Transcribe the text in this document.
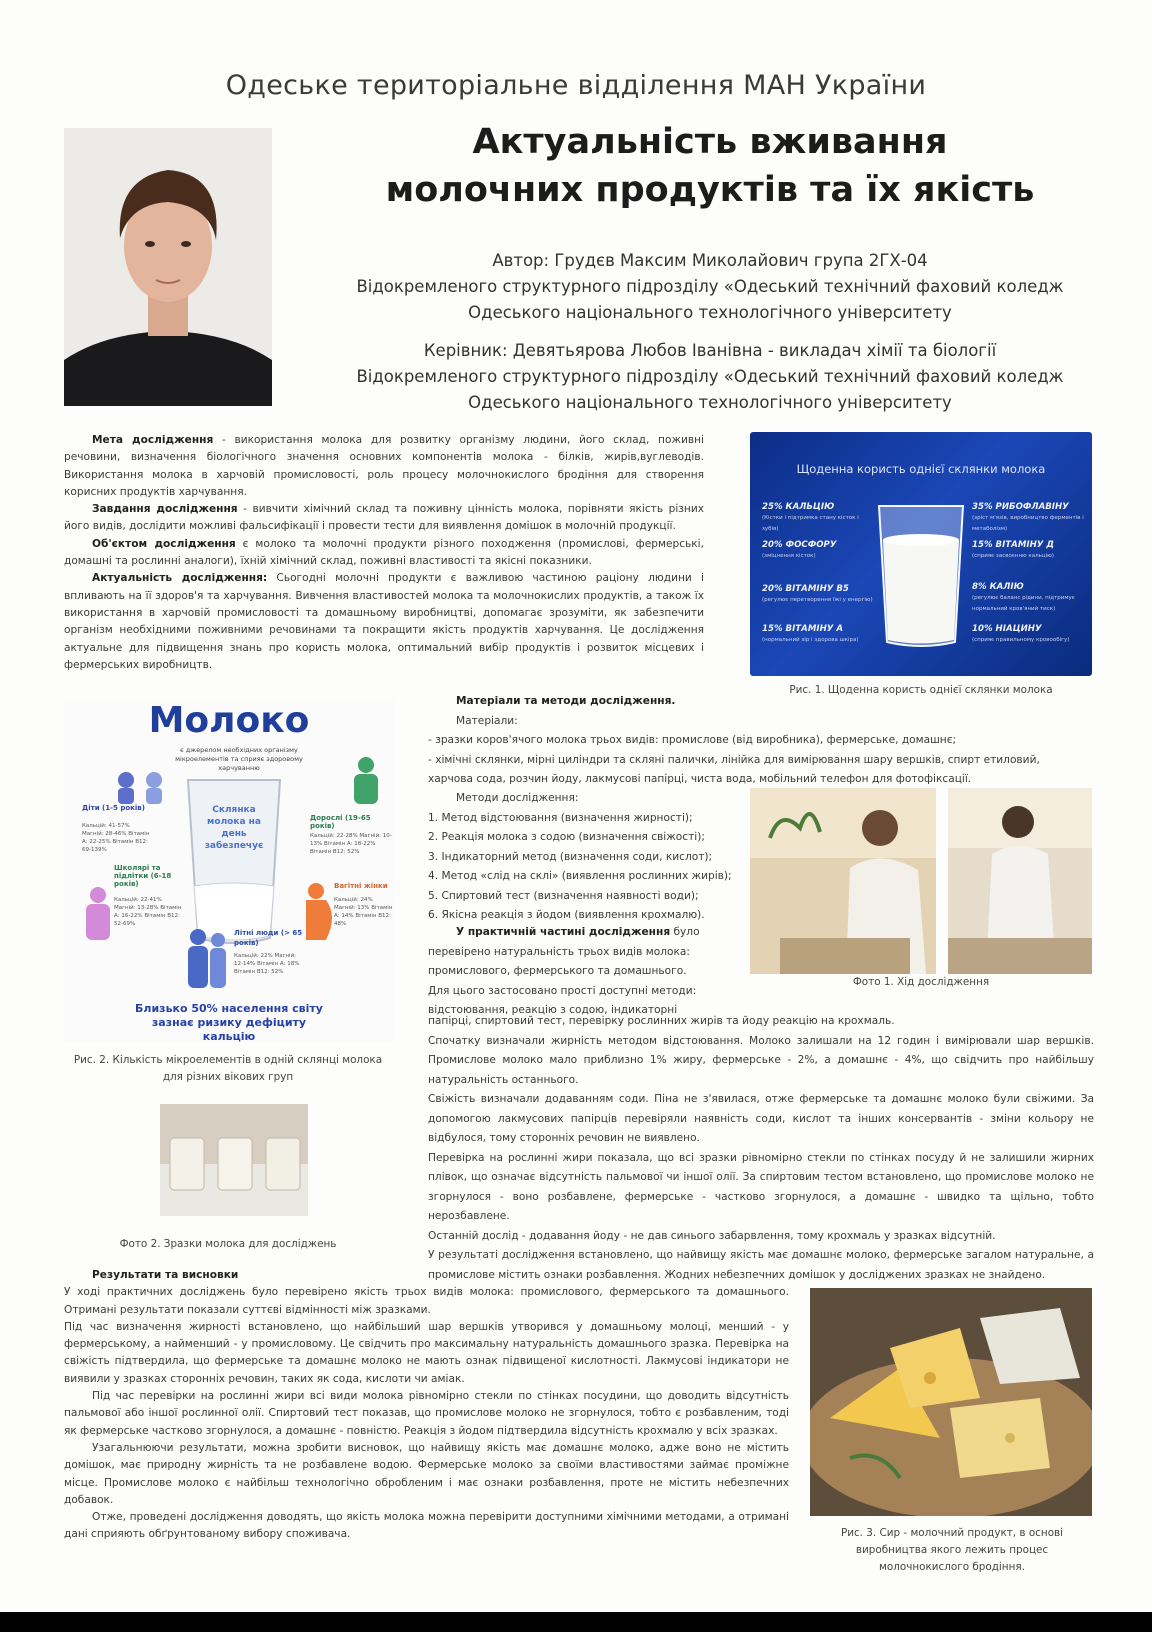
Одеське територіальне відділення МАН України
Актуальність вживання
молочних продуктів та їх якість
Автор: Грудєв Максим Миколайович група 2ГХ-04
Відокремленого структурного підрозділу «Одеський технічний фаховий коледж
Одеського національного технологічного університету
Керівник: Девятьярова Любов Іванівна - викладач хімії та біології
Відокремленого структурного підрозділу «Одеський технічний фаховий коледж
Одеського національного технологічного університету

Мета дослідження - використання молока для розвитку організму людини, його склад, поживні речовини, визначення біологічного значення основних компонентів молока - білків, жирів,вуглеводів. Використання молока в харчовій промисловості, роль процесу молочнокислого бродіння для створення корисних продуктів харчування.

Завдання дослідження - вивчити хімічний склад та поживну цінність молока, порівняти якість різних його видів, дослідити можливі фальсифікації і провести тести для виявлення домішок в молочній продукції.

Об'єктом дослідження є молоко та молочні продукти різного походження (промислові, фермерські, домашні та рослинні аналоги), їхній хімічний склад, поживні властивості та якісні показники.

Актуальність дослідження: Сьогодні молочні продукти є важливою частиною раціону людини і впливають на її здоров'я та харчування. Вивчення властивостей молока та молочнокислих продуктів, а також їх використання в харчовій промисловості та домашньому виробництві, допомагає зрозуміти, як забезпечити організм необхідними поживними речовинами та покращити якість продуктів харчування. Це дослідження актуальне для підвищення знань про користь молока, оптимальний вибір продуктів і розвиток місцевих і фермерських виробництв.

Щоденна користь однієї склянки молока
25% КАЛЬЦІЮ
(Кістки і підтримка стану кісток і зубів)
20% ФОСФОРУ
(зміцнення кісток)
20% ВІТАМІНУ В5
(регулює перетворення їжі у енергію)
15% ВІТАМІНУ А
(нормальний зір і здорова шкіра)
35% РИБОФЛАВІНУ
(зріст м'язів, виробництво ферментів і метаболізм)
15% ВІТАМІНУ Д
(сприяє засвоєнню кальцію)
8% КАЛІЮ
(регулює баланс рідини, підтримує нормальний кров'яний тиск)
10% НІАЦИНУ
(сприяє правильному кровообігу)
Рис. 1. Щоденна користь однієї склянки молока
Молоко
є джерелом необхідних організму мікроелементів та сприяє здоровому харчуванню
Склянка молока на день забезпечує
Діти (1-5 років)
Кальцій: 41-57% Магній: 28-46% Вітамін А: 22-25% Вітамін В12: 69-139%
Дорослі (19-65 років)
Кальцій: 22-28% Магній: 10-13% Вітамін А: 18-22% Вітамін В12: 52%
Школярі та підлітки (6-18 років)
Кальцій: 22-41% Магній: 13-28% Вітамін А: 16-22% Вітамін В12: 52-69%
Вагітні жінки
Кальцій: 24% Магній: 13% Вітамін А: 14% Вітамін В12: 48%
Літні люди (> 65 років)
Кальцій: 22% Магній: 12-14% Вітамін А: 18% Вітамін В12: 52%
Близько 50% населення світу зазнає ризику дефіциту кальцію
Рис. 2. Кількість мікроелементів в одній склянці молока
для різних вікових груп
Фото 2. Зразки молока для досліджень
Матеріали та методи дослідження.
Матеріали:
- зразки коров'ячого молока трьох видів: промислове (від виробника), фермерське, домашнє;
- хімічні склянки, мірні циліндри та скляні палички, лінійка для вимірювання шару вершків, спирт етиловий,
харчова сода, розчин йоду, лакмусові папірці, чиста вода, мобільний телефон для фотофіксації.
Методи дослідження:
1. Метод відстоювання (визначення жирності);
2. Реакція молока з содою (визначення свіжості);
3. Індикаторний метод (визначення соди, кислот);
4. Метод «слід на склі» (виявлення рослинних жирів);
5. Спиртовий тест (визначення наявності води);
6. Якісна реакція з йодом (виявлення крохмалю).
У практичній частині дослідження було
перевірено натуральність трьох видів молока:
промислового, фермерського та домашнього.
Для цього застосовано прості доступні методи:
відстоювання, реакцію з содою, індикаторні
Фото 1. Хід дослідження

папірці, спиртовий тест, перевірку рослинних жирів та йоду реакцію на крохмаль.

Спочатку визначали жирність методом відстоювання. Молоко залишали на 12 годин і вимірювали шар вершків. Промислове молоко мало приблизно 1% жиру, фермерське - 2%, а домашнє - 4%, що свідчить про найбільшу натуральність останнього.

Свіжість визначали додаванням соди. Піна не з'явилася, отже фермерське та домашнє молоко були свіжими. За допомогою лакмусових папірців перевіряли наявність соди, кислот та інших консервантів - зміни кольору не відбулося, тому сторонніх речовин не виявлено.

Перевірка на рослинні жири показала, що всі зразки рівномірно стекли по стінках посуду й не залишили жирних плівок, що означає відсутність пальмової чи іншої олії. За спиртовим тестом встановлено, що промислове молоко не згорнулося - воно розбавлене, фермерське - частково згорнулося, а домашнє - швидко та щільно, тобто нерозбавлене.

Останній дослід - додавання йоду - не дав синього забарвлення, тому крохмаль у зразках відсутній.

У результаті дослідження встановлено, що найвищу якість має домашнє молоко, фермерське загалом натуральне, а промислове містить ознаки розбавлення. Жодних небезпечних домішок у досліджених зразках не знайдено.

Результати та висновки

У ході практичних досліджень було перевірено якість трьох видів молока: промислового, фермерського та домашнього. Отримані результати показали суттєві відмінності між зразками.

Під час визначення жирності встановлено, що найбільший шар вершків утворився у домашньому молоці, менший - у фермерському, а найменший - у промисловому. Це свідчить про максимальну натуральність домашнього зразка. Перевірка на свіжість підтвердила, що фермерське та домашнє молоко не мають ознак підвищеної кислотності. Лакмусові індикатори не виявили у зразках сторонніх речовин, таких як сода, кислоти чи аміак.

Під час перевірки на рослинні жири всі види молока рівномірно стекли по стінках посудини, що доводить відсутність пальмової або іншої рослинної олії. Спиртовий тест показав, що промислове молоко не згорнулося, тобто є розбавленим, тоді як фермерське частково згорнулося, а домашнє - повністю. Реакція з йодом підтвердила відсутність крохмалю у всіх зразках.

Узагальнюючи результати, можна зробити висновок, що найвищу якість має домашнє молоко, адже воно не містить домішок, має природну жирність та не розбавлене водою. Фермерське молоко за своїми властивостями займає проміжне місце. Промислове молоко є найбільш технологічно обробленим і має ознаки розбавлення, проте не містить небезпечних добавок.

Отже, проведені дослідження доводять, що якість молока можна перевірити доступними хімічними методами, а отримані дані сприяють обґрунтованому вибору споживача.	Рис. 3. Сир - молочний продукт, в основі виробництва якого лежить процес молочнокислого бродіння.
